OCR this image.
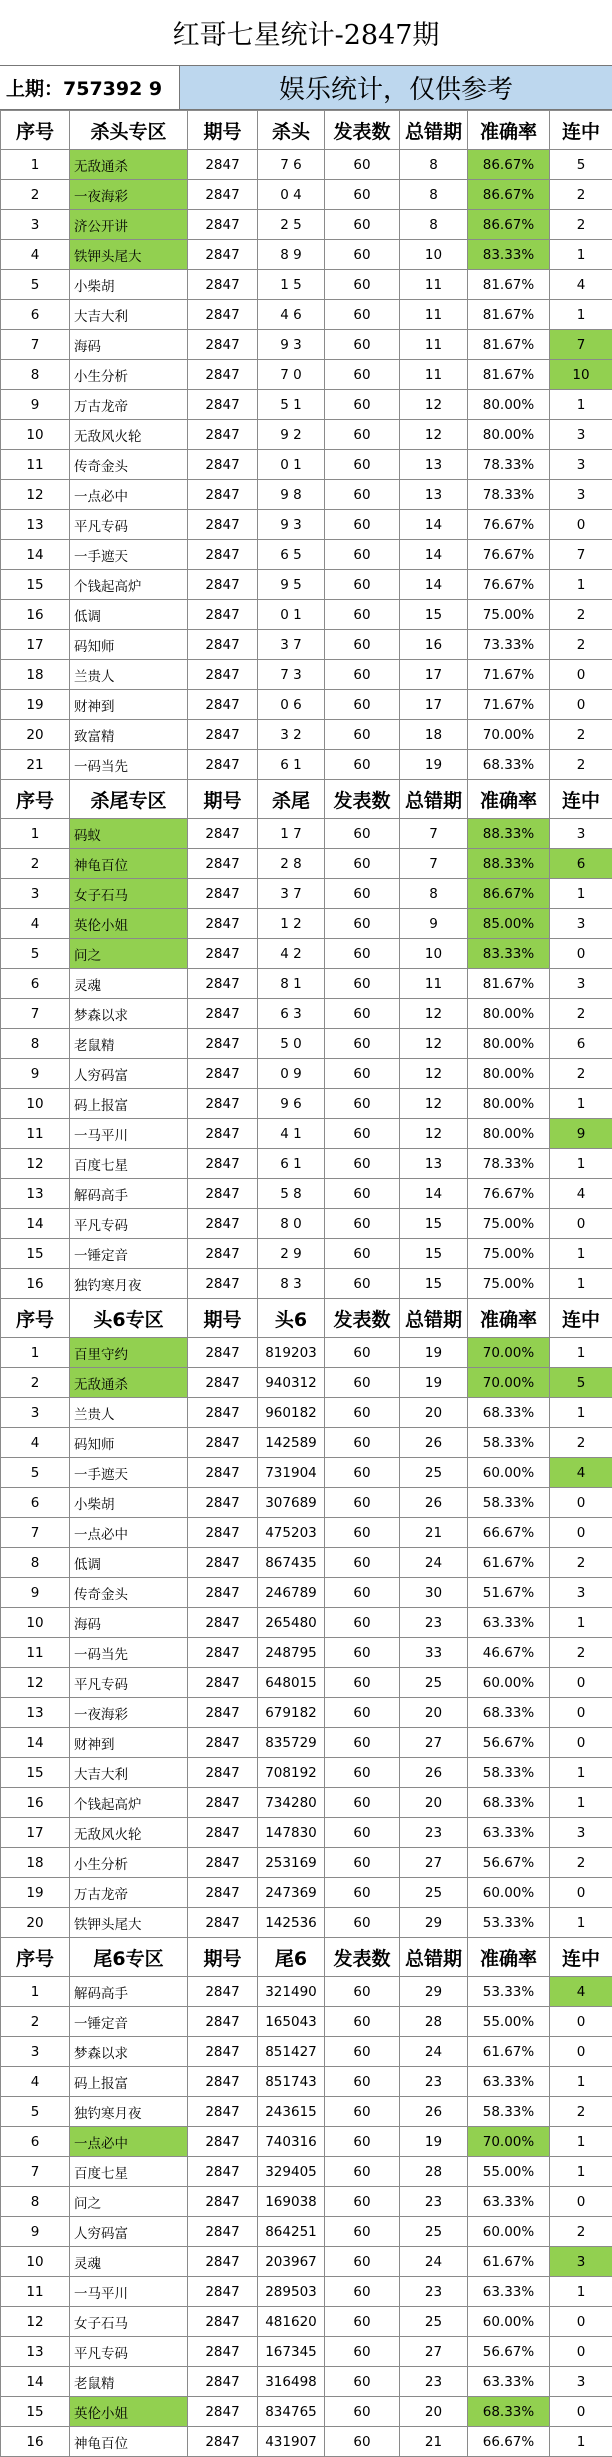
红哥七星统计-2847期
上期：757392 9	娱乐统计，仅供参考
序号	杀头专区	期号	杀头	发表数	总错期	准确率	连中
1	无敌通杀	2847	7 6	60	8	86.67%	5
2	一夜海彩	2847	0 4	60	8	86.67%	2
3	济公开讲	2847	2 5	60	8	86.67%	2
4	铁钾头尾大	2847	8 9	60	10	83.33%	1
5	小柴胡	2847	1 5	60	11	81.67%	4
6	大吉大利	2847	4 6	60	11	81.67%	1
7	海码	2847	9 3	60	11	81.67%	7
8	小生分析	2847	7 0	60	11	81.67%	10
9	万古龙帝	2847	5 1	60	12	80.00%	1
10	无敌风火轮	2847	9 2	60	12	80.00%	3
11	传奇金头	2847	0 1	60	13	78.33%	3
12	一点必中	2847	9 8	60	13	78.33%	3
13	平凡专码	2847	9 3	60	14	76.67%	0
14	一手遮天	2847	6 5	60	14	76.67%	7
15	个钱起高炉	2847	9 5	60	14	76.67%	1
16	低调	2847	0 1	60	15	75.00%	2
17	码知师	2847	3 7	60	16	73.33%	2
18	兰贵人	2847	7 3	60	17	71.67%	0
19	财神到	2847	0 6	60	17	71.67%	0
20	致富精	2847	3 2	60	18	70.00%	2
21	一码当先	2847	6 1	60	19	68.33%	2
序号	杀尾专区	期号	杀尾	发表数	总错期	准确率	连中
1	码蚁	2847	1 7	60	7	88.33%	3
2	神龟百位	2847	2 8	60	7	88.33%	6
3	女子石马	2847	3 7	60	8	86.67%	1
4	英伦小姐	2847	1 2	60	9	85.00%	3
5	问之	2847	4 2	60	10	83.33%	0
6	灵魂	2847	8 1	60	11	81.67%	3
7	梦森以求	2847	6 3	60	12	80.00%	2
8	老鼠精	2847	5 0	60	12	80.00%	6
9	人穷码富	2847	0 9	60	12	80.00%	2
10	码上报富	2847	9 6	60	12	80.00%	1
11	一马平川	2847	4 1	60	12	80.00%	9
12	百度七星	2847	6 1	60	13	78.33%	1
13	解码高手	2847	5 8	60	14	76.67%	4
14	平凡专码	2847	8 0	60	15	75.00%	0
15	一锤定音	2847	2 9	60	15	75.00%	1
16	独钓寒月夜	2847	8 3	60	15	75.00%	1
序号	头6专区	期号	头6	发表数	总错期	准确率	连中
1	百里守约	2847	819203	60	19	70.00%	1
2	无敌通杀	2847	940312	60	19	70.00%	5
3	兰贵人	2847	960182	60	20	68.33%	1
4	码知师	2847	142589	60	26	58.33%	2
5	一手遮天	2847	731904	60	25	60.00%	4
6	小柴胡	2847	307689	60	26	58.33%	0
7	一点必中	2847	475203	60	21	66.67%	0
8	低调	2847	867435	60	24	61.67%	2
9	传奇金头	2847	246789	60	30	51.67%	3
10	海码	2847	265480	60	23	63.33%	1
11	一码当先	2847	248795	60	33	46.67%	2
12	平凡专码	2847	648015	60	25	60.00%	0
13	一夜海彩	2847	679182	60	20	68.33%	0
14	财神到	2847	835729	60	27	56.67%	0
15	大吉大利	2847	708192	60	26	58.33%	1
16	个钱起高炉	2847	734280	60	20	68.33%	1
17	无敌风火轮	2847	147830	60	23	63.33%	3
18	小生分析	2847	253169	60	27	56.67%	2
19	万古龙帝	2847	247369	60	25	60.00%	0
20	铁钾头尾大	2847	142536	60	29	53.33%	1
序号	尾6专区	期号	尾6	发表数	总错期	准确率	连中
1	解码高手	2847	321490	60	29	53.33%	4
2	一锤定音	2847	165043	60	28	55.00%	0
3	梦森以求	2847	851427	60	24	61.67%	0
4	码上报富	2847	851743	60	23	63.33%	1
5	独钓寒月夜	2847	243615	60	26	58.33%	2
6	一点必中	2847	740316	60	19	70.00%	1
7	百度七星	2847	329405	60	28	55.00%	1
8	问之	2847	169038	60	23	63.33%	0
9	人穷码富	2847	864251	60	25	60.00%	2
10	灵魂	2847	203967	60	24	61.67%	3
11	一马平川	2847	289503	60	23	63.33%	1
12	女子石马	2847	481620	60	25	60.00%	0
13	平凡专码	2847	167345	60	27	56.67%	0
14	老鼠精	2847	316498	60	23	63.33%	3
15	英伦小姐	2847	834765	60	20	68.33%	0
16	神龟百位	2847	431907	60	21	66.67%	1
